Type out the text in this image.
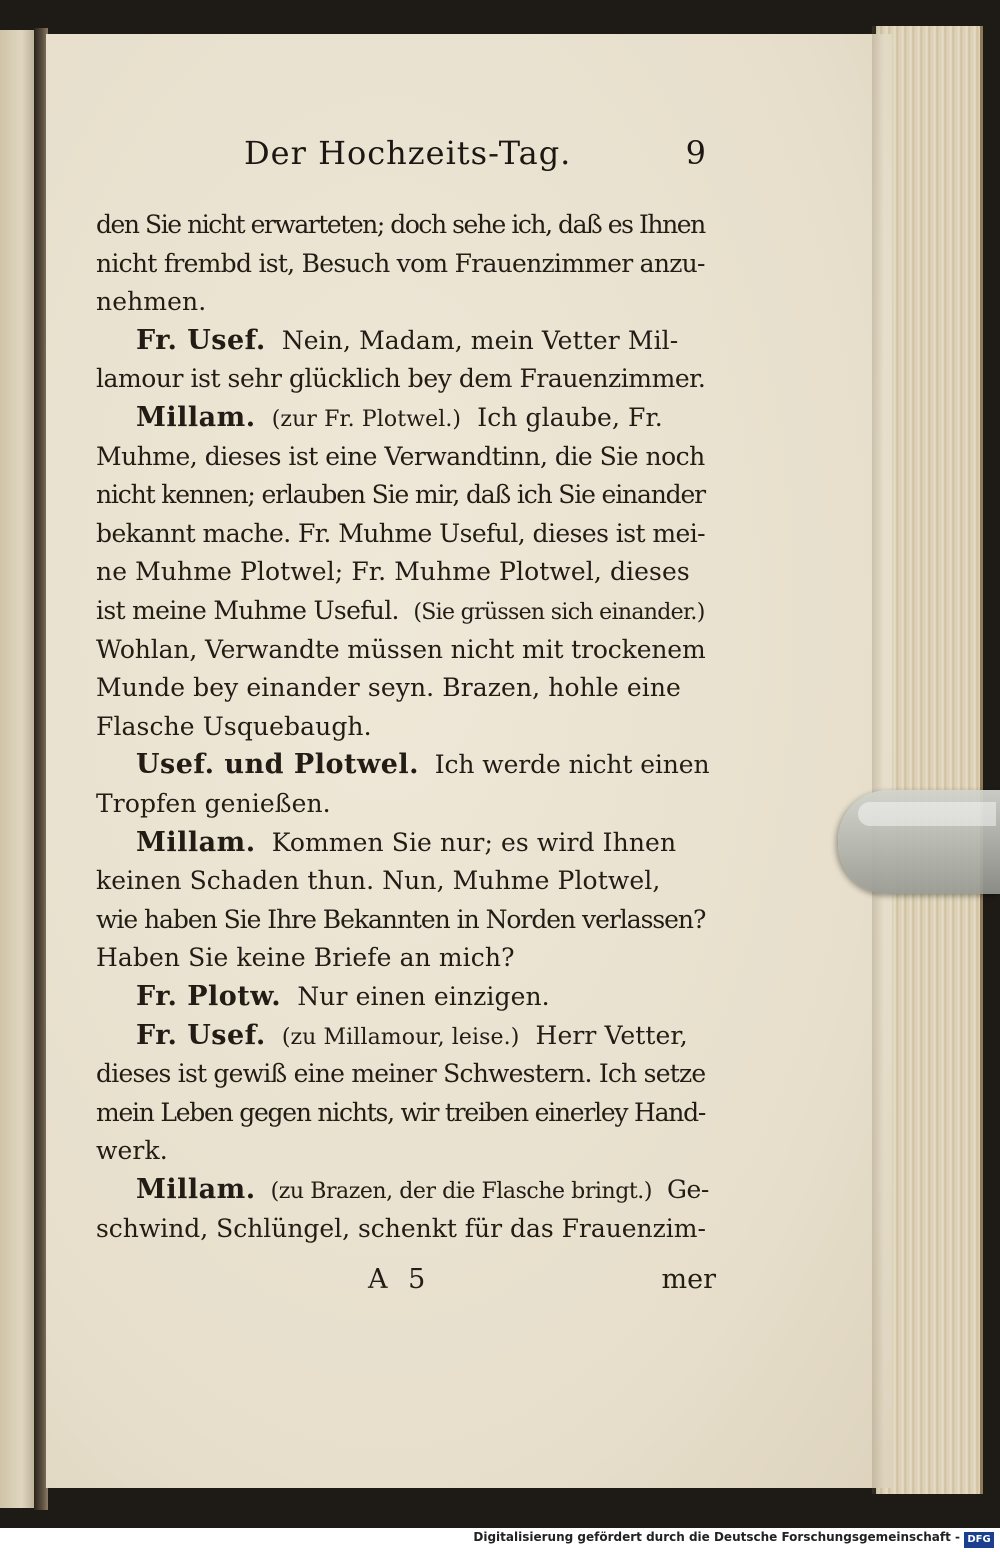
Der Hochzeits-Tag.	9
den Sie nicht erwarteten; doch sehe ich, daß es Ihnen
nicht frembd ist, Besuch vom Frauenzimmer anzu-
nehmen.
Fr. Usef. Nein, Madam, mein Vetter Mil-
lamour ist sehr glücklich bey dem Frauenzimmer.
Millam. (zur Fr. Plotwel.) Ich glaube, Fr.
Muhme, dieses ist eine Verwandtinn, die Sie noch
nicht kennen; erlauben Sie mir, daß ich Sie einander
bekannt mache. Fr. Muhme Useful, dieses ist mei-
ne Muhme Plotwel; Fr. Muhme Plotwel, dieses
ist meine Muhme Useful. (Sie grüssen sich einander.)
Wohlan, Verwandte müssen nicht mit trockenem
Munde bey einander seyn. Brazen, hohle eine
Flasche Usquebaugh.
Usef. und Plotwel. Ich werde nicht einen
Tropfen genießen.
Millam. Kommen Sie nur; es wird Ihnen
keinen Schaden thun. Nun, Muhme Plotwel,
wie haben Sie Ihre Bekannten in Norden verlassen?
Haben Sie keine Briefe an mich?
Fr. Plotw. Nur einen einzigen.
Fr. Usef. (zu Millamour, leise.) Herr Vetter,
dieses ist gewiß eine meiner Schwestern. Ich setze
mein Leben gegen nichts, wir treiben einerley Hand-
werk.
Millam. (zu Brazen, der die Flasche bringt.) Ge-
schwind, Schlüngel, schenkt für das Frauenzim-
A 5	mer
Digitalisierung gefördert durch die Deutsche Forschungsgemeinschaft - DFG
